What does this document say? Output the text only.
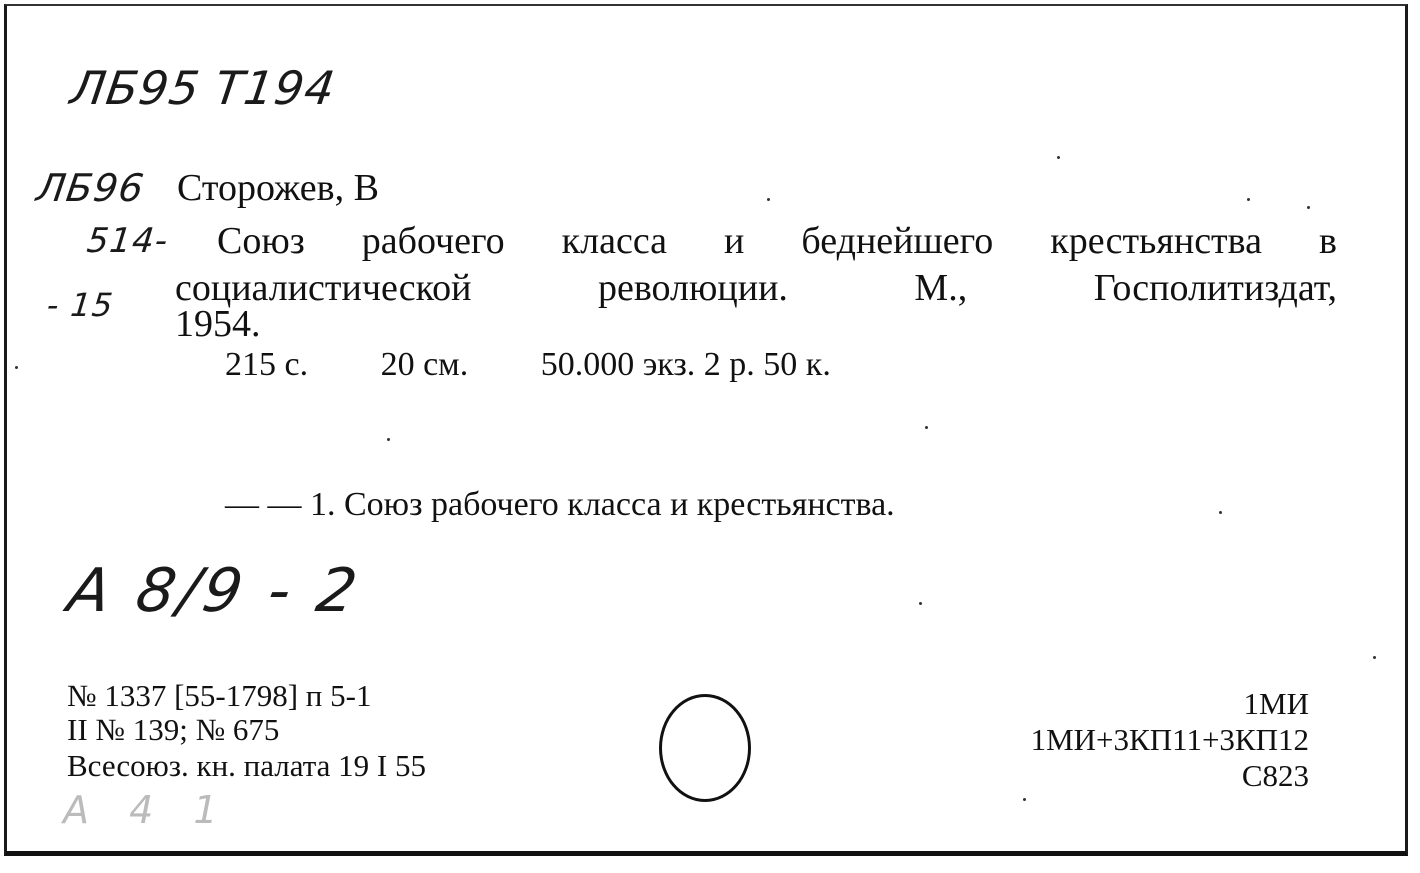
ЛБ95 Т194
ЛБ96
514-
- 15
Сторожев, В
Союз рабочего класса и беднейшего крестьянства в
социалистической	революции.	М.,	Госполитиздат,
1954.
215 с. 20 см. 50.000 экз. 2 р. 50 к.
— — 1. Союз рабочего класса и крестьянства.
А 8/9 - 2
№ 1337 [55-1798] п 5-1
II № 139; № 675
Всесоюз. кн. палата 19 I 55
1МИ
1МИ+3КП11+3КП12
С823
А 4 1
